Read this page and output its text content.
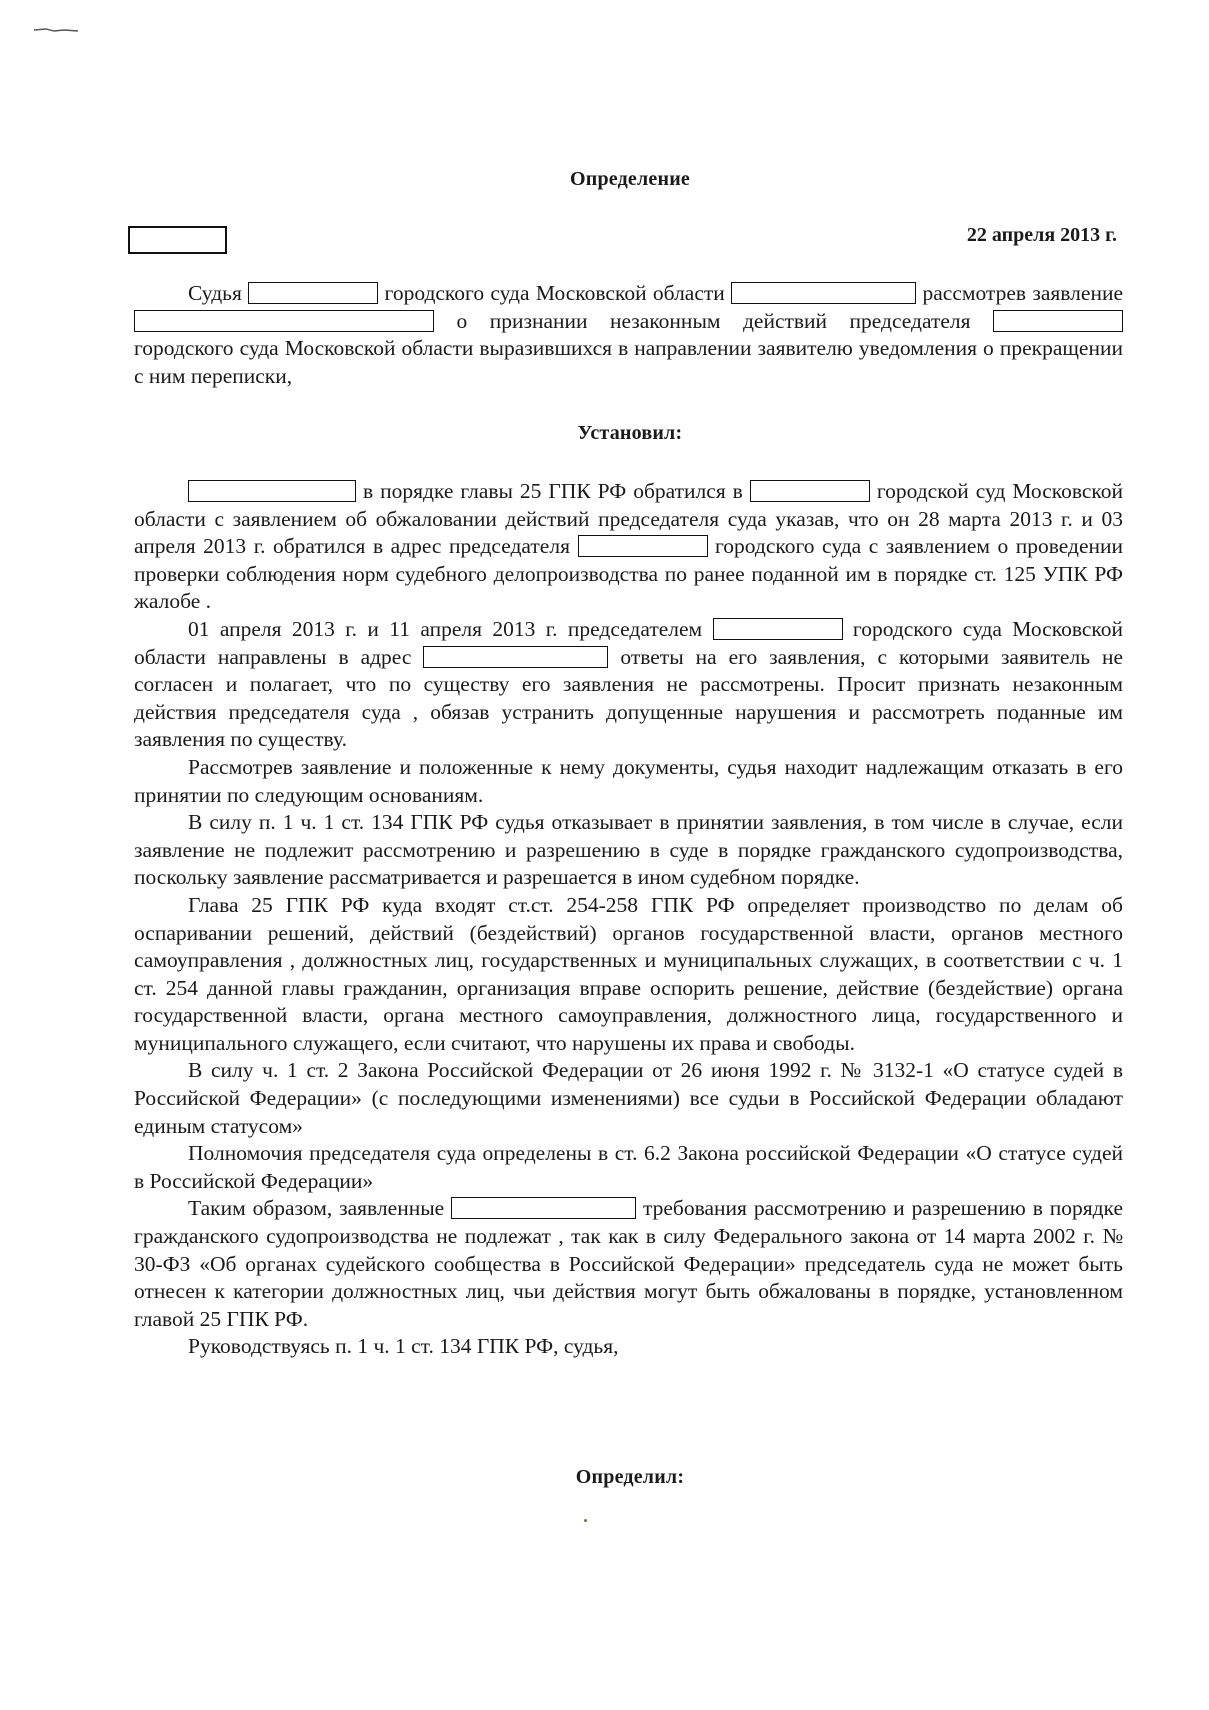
Определение
22 апреля 2013 г.

Судья	городского суда Московской области	рассмотрев заявление  о признании незаконным действий председателя  городского суда Московской области выразившихся в направлении заявителю уведомления о прекращении с ним переписки,

Установил:

в порядке главы 25 ГПК РФ обратился в	городской суд Московской области с заявлением об обжаловании действий председателя суда указав, что он 28 марта 2013 г. и 03 апреля 2013 г. обратился в адрес председателя	городского суда с заявлением о проведении проверки соблюдения норм судебного делопроизводства по ранее поданной им в порядке ст. 125 УПК РФ жалобе .

01 апреля 2013 г. и 11 апреля 2013 г. председателем	городского суда Московской области направлены в адрес	ответы на его заявления, с которыми заявитель не согласен и полагает, что по существу его заявления не рассмотрены. Просит признать незаконным действия председателя суда , обязав устранить допущенные нарушения и рассмотреть поданные им заявления по существу.

Рассмотрев заявление и положенные к нему документы, судья находит надлежащим отказать в его принятии по следующим основаниям.

В силу п. 1 ч. 1 ст. 134 ГПК РФ судья отказывает в принятии заявления, в том числе в случае, если заявление не подлежит рассмотрению и разрешению в суде в порядке гражданского судопроизводства, поскольку заявление рассматривается и разрешается в ином судебном порядке.

Глава 25 ГПК РФ куда входят ст.ст. 254-258 ГПК РФ определяет производство по делам об оспаривании решений, действий (бездействий) органов государственной власти, органов местного самоуправления , должностных лиц, государственных и муниципальных служащих, в соответствии с ч. 1 ст. 254 данной главы гражданин, организация вправе оспорить решение, действие (бездействие) органа государственной власти, органа местного самоуправления, должностного лица, государственного и муниципального служащего, если считают, что нарушены их права и свободы.

В силу ч. 1 ст. 2 Закона Российской Федерации от 26 июня 1992 г. № 3132-1 «О статусе судей в Российской Федерации» (с последующими изменениями) все судьи в Российской Федерации обладают единым статусом»

Полномочия председателя суда определены в ст. 6.2 Закона российской Федерации «О статусе судей в Российской Федерации»

Таким образом, заявленные	требования рассмотрению и разрешению в порядке гражданского судопроизводства не подлежат , так как в силу Федерального закона от 14 марта 2002 г. № 30-ФЗ «Об органах судейского сообщества в Российской Федерации» председатель суда не может быть отнесен к категории должностных лиц, чьи действия могут быть обжалованы в порядке, установленном главой 25 ГПК РФ.

Руководствуясь п. 1 ч. 1 ст. 134 ГПК РФ, судья,

Определил:
